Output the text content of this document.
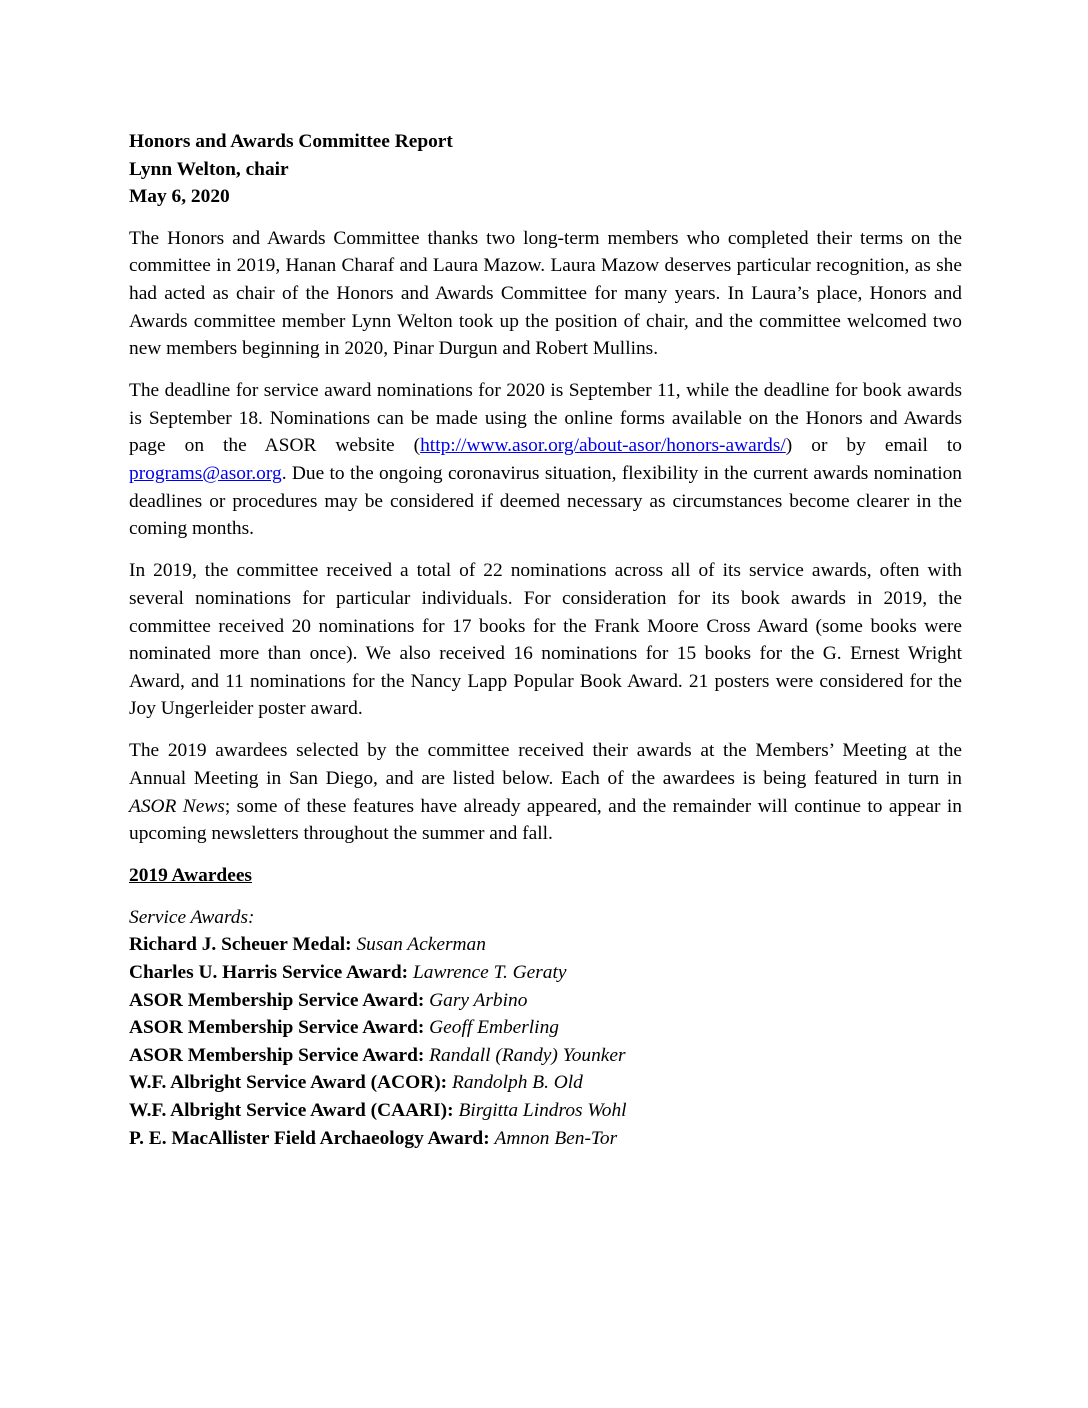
Honors and Awards Committee Report
Lynn Welton, chair
May 6, 2020

The Honors and Awards Committee thanks two long-term members who completed their terms on the committee in 2019, Hanan Charaf and Laura Mazow. Laura Mazow deserves particular recognition, as she had acted as chair of the Honors and Awards Committee for many years. In Laura’s place, Honors and Awards committee member Lynn Welton took up the position of chair, and the committee welcomed two new members beginning in 2020, Pinar Durgun and Robert Mullins.

The deadline for service award nominations for 2020 is September 11, while the deadline for book awards is September 18. Nominations can be made using the online forms available on the Honors and Awards page on the ASOR website (http://www.asor.org/about-asor/honors-awards/) or by email to programs@asor.org. Due to the ongoing coronavirus situation, flexibility in the current awards nomination deadlines or procedures may be considered if deemed necessary as circumstances become clearer in the coming months.

In 2019, the committee received a total of 22 nominations across all of its service awards, often with several nominations for particular individuals. For consideration for its book awards in 2019, the committee received 20 nominations for 17 books for the Frank Moore Cross Award (some books were nominated more than once). We also received 16 nominations for 15 books for the G. Ernest Wright Award, and 11 nominations for the Nancy Lapp Popular Book Award. 21 posters were considered for the Joy Ungerleider poster award.

The 2019 awardees selected by the committee received their awards at the Members’ Meeting at the Annual Meeting in San Diego, and are listed below. Each of the awardees is being featured in turn in ASOR News; some of these features have already appeared, and the remainder will continue to appear in upcoming newsletters throughout the summer and fall.

2019 Awardees
Service Awards:
Richard J. Scheuer Medal: Susan Ackerman
Charles U. Harris Service Award: Lawrence T. Geraty
ASOR Membership Service Award: Gary Arbino
ASOR Membership Service Award: Geoff Emberling
ASOR Membership Service Award: Randall (Randy) Younker
W.F. Albright Service Award (ACOR): Randolph B. Old
W.F. Albright Service Award (CAARI): Birgitta Lindros Wohl
P. E. MacAllister Field Archaeology Award: Amnon Ben-Tor
